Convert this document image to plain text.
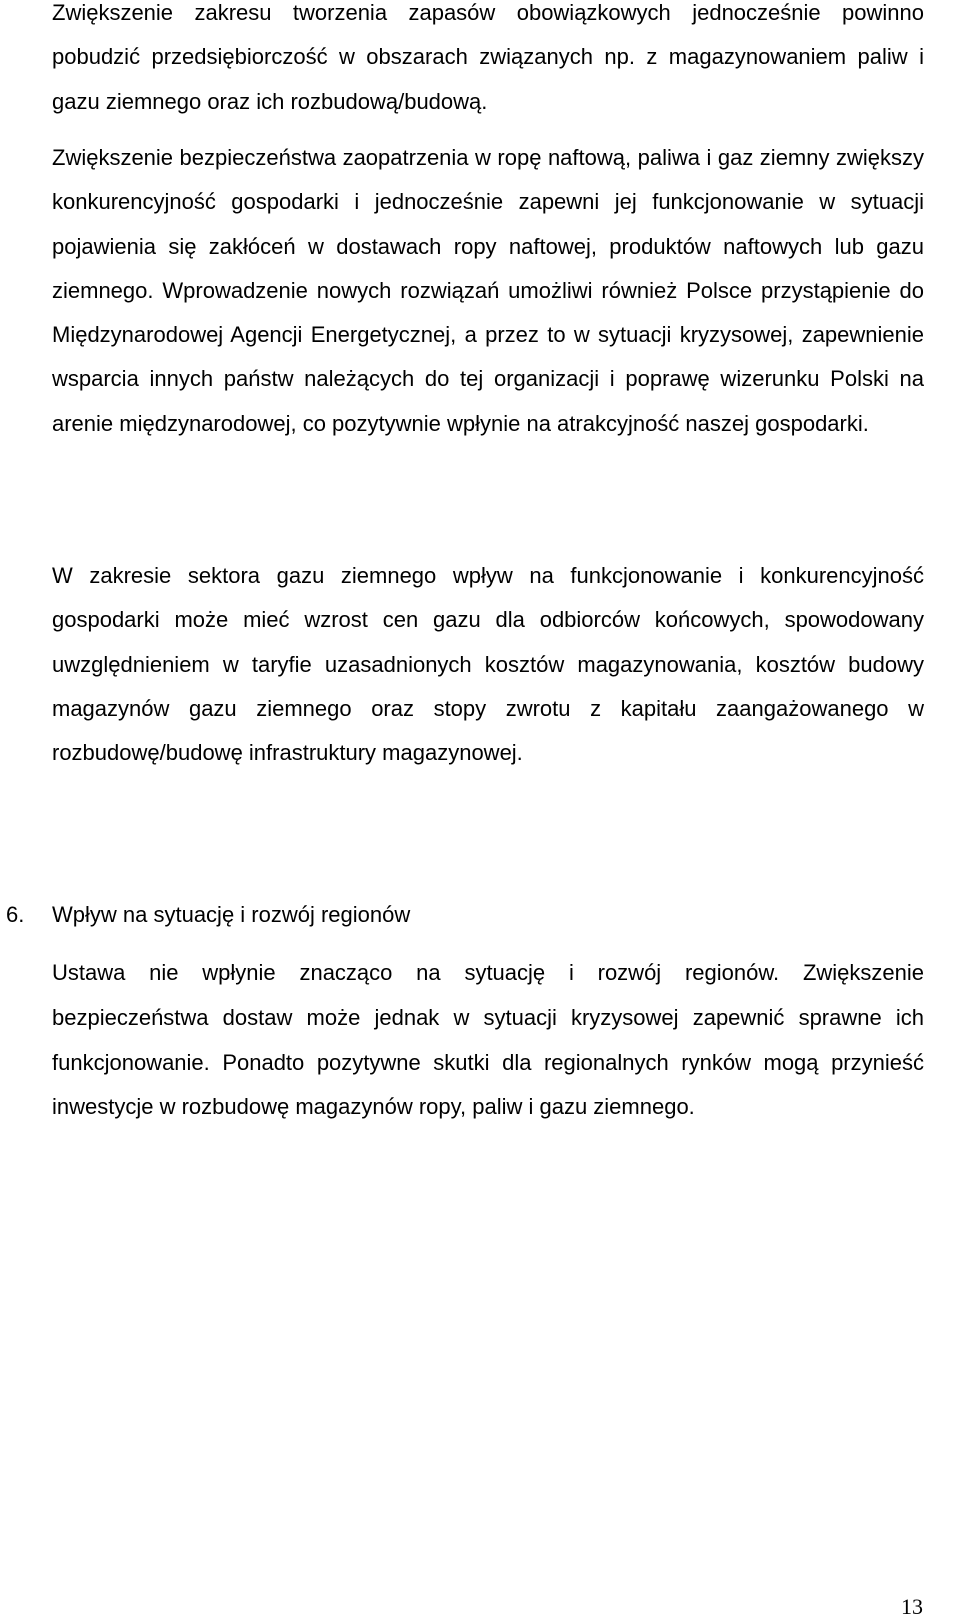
Zwiększenie zakresu tworzenia zapasów obowiązkowych jednocześnie powinno pobudzić przedsiębiorczość w obszarach związanych np. z magazynowaniem paliw i gazu ziemnego oraz ich rozbudową/budową.

Zwiększenie bezpieczeństwa zaopatrzenia w ropę naftową, paliwa i gaz ziemny zwiększy konkurencyjność gospodarki i jednocześnie zapewni jej funkcjonowanie w sytuacji pojawienia się zakłóceń w dostawach ropy naftowej, produktów naftowych lub gazu ziemnego. Wprowadzenie nowych rozwiązań umożliwi również Polsce przystąpienie do Międzynarodowej Agencji Energetycznej, a przez to w sytuacji kryzysowej, zapewnienie wsparcia innych państw należących do tej organizacji i poprawę wizerunku Polski na arenie międzynarodowej, co pozytywnie wpłynie na atrakcyjność naszej gospodarki.

W zakresie sektora gazu ziemnego wpływ na funkcjonowanie i konkurencyjność gospodarki może mieć wzrost cen gazu dla odbiorców końcowych, spowodowany uwzględnieniem w taryfie uzasadnionych kosztów magazynowania, kosztów budowy magazynów gazu ziemnego oraz stopy zwrotu z kapitału zaangażowanego w rozbudowę/budowę infrastruktury magazynowej.

6. Wpływ na sytuację i rozwój regionów

Ustawa nie wpłynie znacząco na sytuację i rozwój regionów. Zwiększenie bezpieczeństwa dostaw może jednak w sytuacji kryzysowej zapewnić sprawne ich funkcjonowanie. Ponadto pozytywne skutki dla regionalnych rynków mogą przynieść inwestycje w rozbudowę magazynów ropy, paliw i gazu ziemnego.

13
